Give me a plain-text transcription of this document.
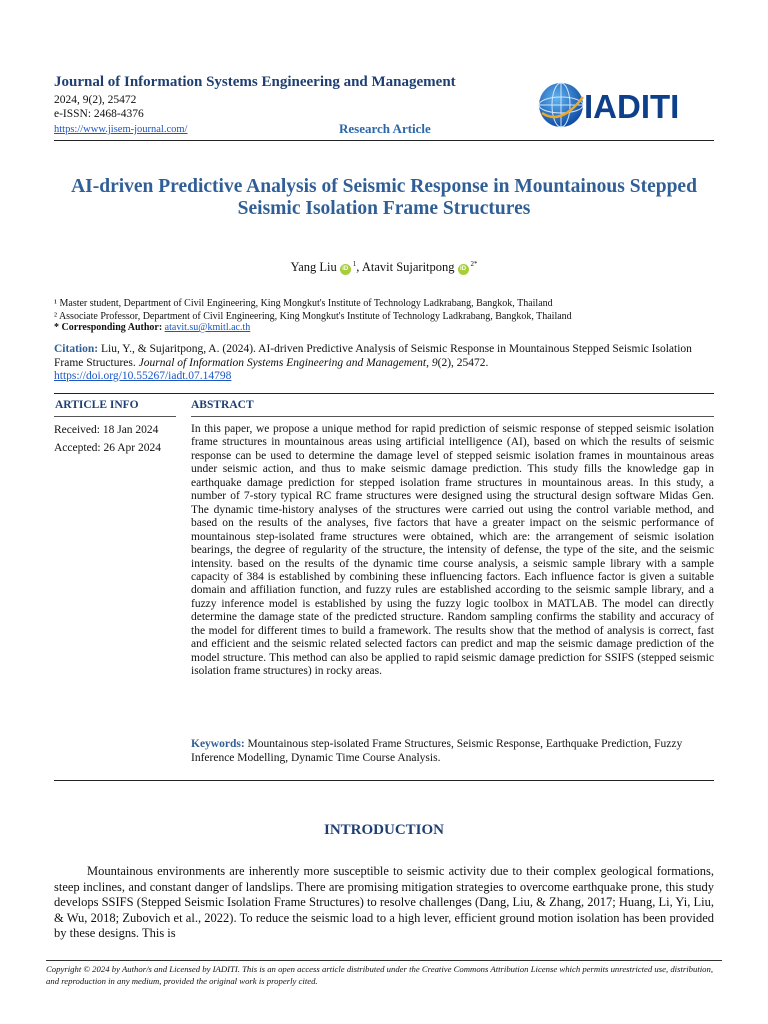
Journal of Information Systems Engineering and Management
2024, 9(2), 25472
e-ISSN: 2468-4376
https://www.jisem-journal.com/	Research Article
IADITI
AI-driven Predictive Analysis of Seismic Response in Mountainous Stepped Seismic Isolation Frame Structures
Yang Liu $iD^1$, Atavit Sujaritpong $iD^{2*}$
¹ Master student, Department of Civil Engineering, King Mongkut's Institute of Technology Ladkrabang, Bangkok, Thailand
² Associate Professor, Department of Civil Engineering, King Mongkut's Institute of Technology Ladkrabang, Bangkok, Thailand
* Corresponding Author: atavit.su@kmitl.ac.th
Citation: Liu, Y., & Sujaritpong, A. (2024). AI-driven Predictive Analysis of Seismic Response in Mountainous Stepped Seismic Isolation Frame Structures. Journal of Information Systems Engineering and Management, 9(2), 25472.
https://doi.org/10.55267/iadt.07.14798
ARTICLE INFO	ABSTRACT
Received: 18 Jan 2024
Accepted: 26 Apr 2024
In this paper, we propose a unique method for rapid prediction of seismic response of stepped seismic isolation frame structures in mountainous areas using artificial intelligence (AI), based on which the results of seismic response can be used to determine the damage level of stepped seismic isolation frames in mountainous areas under seismic action, and thus to make seismic damage prediction. This study fills the knowledge gap in earthquake damage prediction for stepped isolation frame structures in mountainous areas. In this study, a number of 7-story typical RC frame structures were designed using the structural design software Midas Gen. The dynamic time-history analyses of the structures were carried out using the control variable method, and based on the results of the analyses, five factors that have a greater impact on the seismic performance of mountainous step-isolated frame structures were obtained, which are: the arrangement of seismic isolation bearings, the degree of regularity of the structure, the intensity of defense, the type of the site, and the seismic intensity. based on the results of the dynamic time course analysis, a seismic sample library with a sample capacity of 384 is established by combining these influencing factors. Each influence factor is given a suitable domain and affiliation function, and fuzzy rules are established according to the seismic sample library, and a fuzzy inference model is established by using the fuzzy logic toolbox in MATLAB. The model can directly determine the damage state of the predicted structure. Random sampling confirms the stability and accuracy of the model for different times to build a framework. The results show that the method of analysis is correct, fast and efficient and the seismic related selected factors can predict and map the seismic damage prediction of the model structure. This method can also be applied to rapid seismic damage prediction for SSIFS (stepped seismic isolation frame structures) in rocky areas.
Keywords: Mountainous step-isolated Frame Structures, Seismic Response, Earthquake Prediction, Fuzzy Inference Modelling, Dynamic Time Course Analysis.
INTRODUCTION
Mountainous environments are inherently more susceptible to seismic activity due to their complex geological formations, steep inclines, and constant danger of landslips. There are promising mitigation strategies to overcome earthquake prone, this study develops SSIFS (Stepped Seismic Isolation Frame Structures) to resolve challenges (Dang, Liu, & Zhang, 2017; Huang, Li, Yi, Liu, & Wu, 2018; Zubovich et al., 2022). To reduce the seismic load to a high lever, efficient ground motion isolation has been provided by these designs. This is
Copyright © 2024 by Author/s and Licensed by IADITI. This is an open access article distributed under the Creative Commons Attribution License which permits unrestricted use, distribution, and reproduction in any medium, provided the original work is properly cited.
